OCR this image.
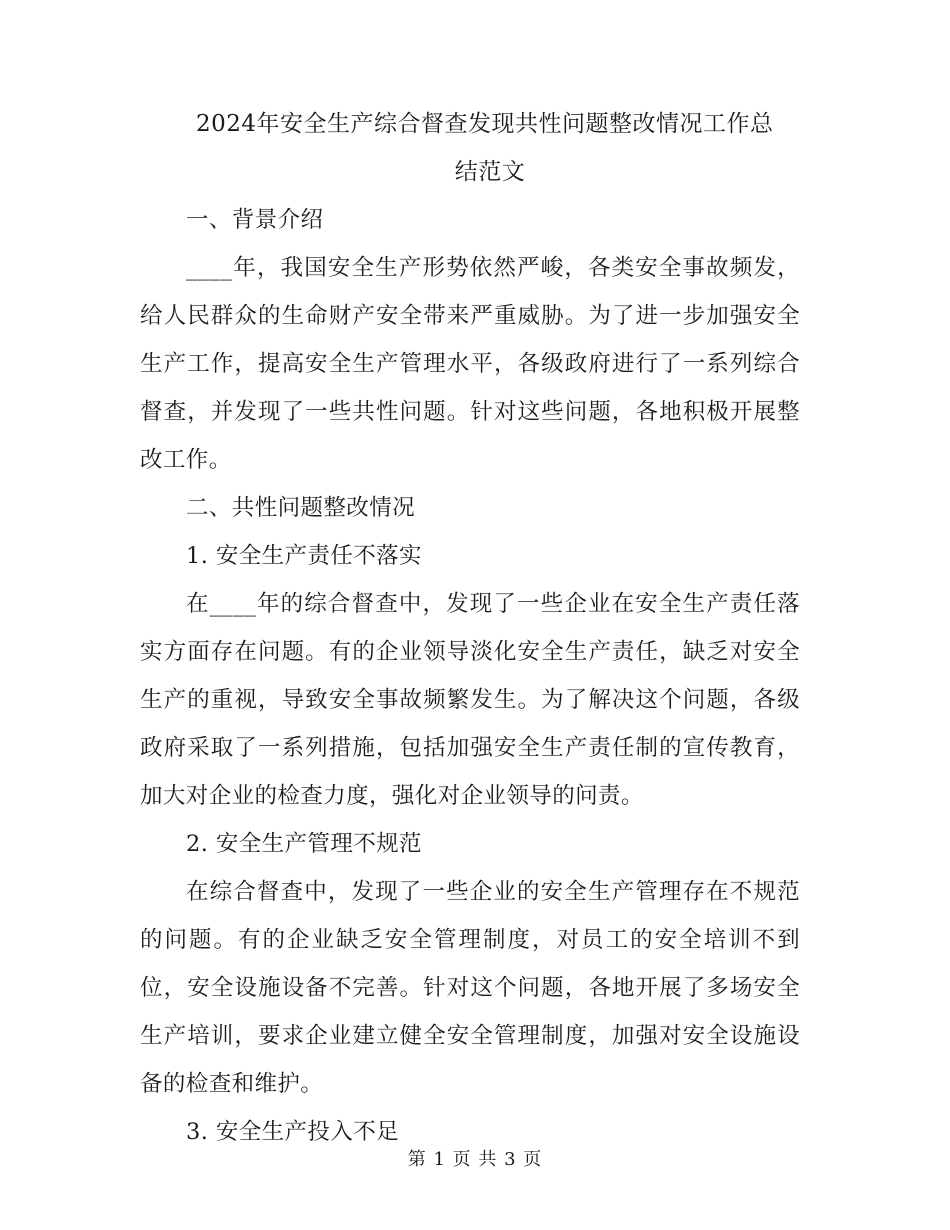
2024年安全生产综合督查发现共性问题整改情况工作总
结范文

一、背景介绍

____年，我国安全生产形势依然严峻，各类安全事故频发，给人民群众的生命财产安全带来严重威胁。为了进一步加强安全生产工作，提高安全生产管理水平，各级政府进行了一系列综合督查，并发现了一些共性问题。针对这些问题，各地积极开展整改工作。

二、共性问题整改情况

1. 安全生产责任不落实

在____年的综合督查中，发现了一些企业在安全生产责任落实方面存在问题。有的企业领导淡化安全生产责任，缺乏对安全生产的重视，导致安全事故频繁发生。为了解决这个问题，各级政府采取了一系列措施，包括加强安全生产责任制的宣传教育，加大对企业的检查力度，强化对企业领导的问责。

2. 安全生产管理不规范

在综合督查中，发现了一些企业的安全生产管理存在不规范的问题。有的企业缺乏安全管理制度，对员工的安全培训不到位，安全设施设备不完善。针对这个问题，各地开展了多场安全生产培训，要求企业建立健全安全管理制度，加强对安全设施设备的检查和维护。

3. 安全生产投入不足

第 1 页 共 3 页
